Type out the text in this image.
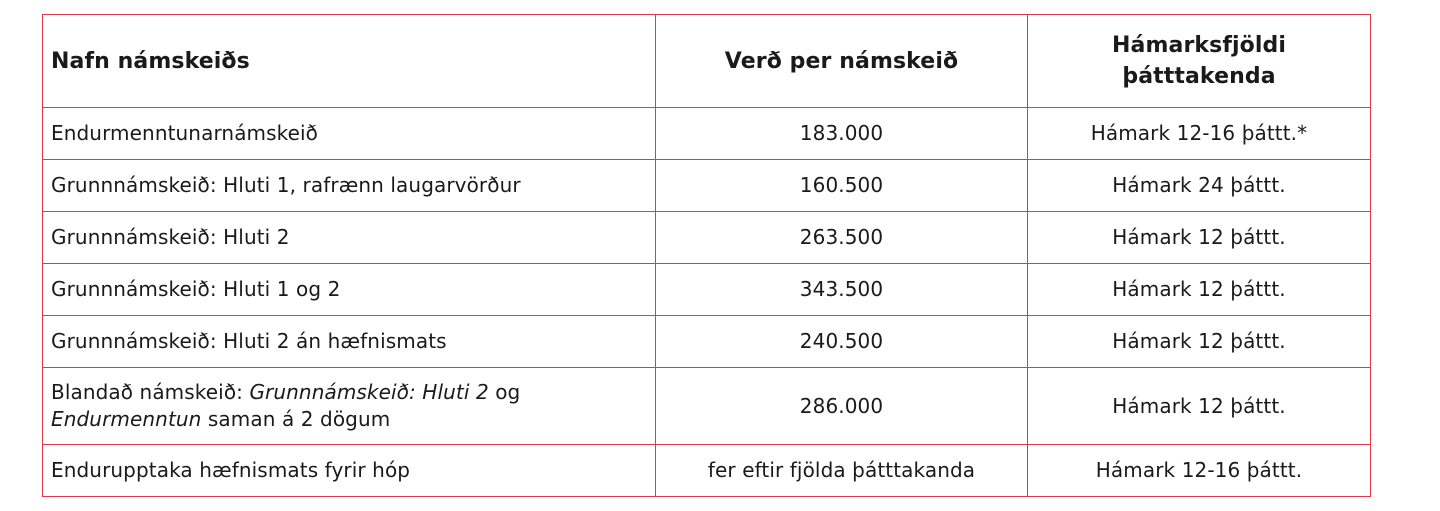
Nafn námskeiðs	Verð per námskeið	Hámarksfjöldi
þátttakenda
Endurmenntunarnámskeið	183.000	Hámark 12-16 þáttt.*
Grunnnámskeið: Hluti 1, rafrænn laugarvörður	160.500	Hámark 24 þáttt.
Grunnnámskeið: Hluti 2	263.500	Hámark 12 þáttt.
Grunnnámskeið: Hluti 1 og 2	343.500	Hámark 12 þáttt.
Grunnnámskeið: Hluti 2 án hæfnismats	240.500	Hámark 12 þáttt.
Blandað námskeið: Grunnnámskeið: Hluti 2 og
Endurmenntun saman á 2 dögum	286.000	Hámark 12 þáttt.
Endurupptaka hæfnismats fyrir hóp	fer eftir fjölda þátttakanda	Hámark 12-16 þáttt.
